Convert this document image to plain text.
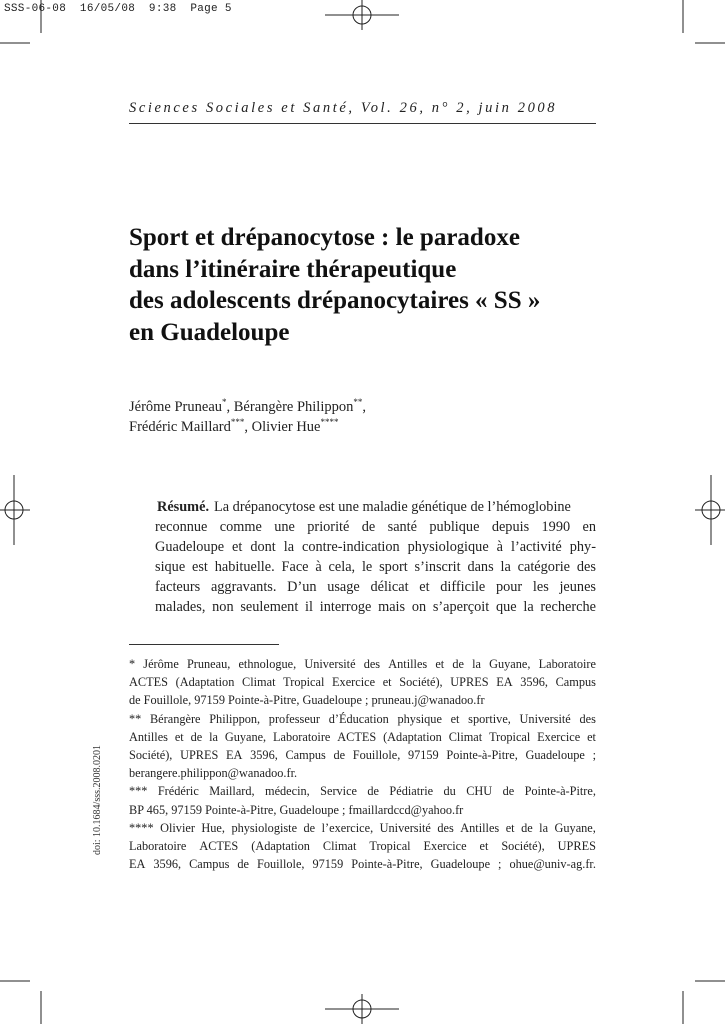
SSS-06-08  16/05/08  9:38  Page 5
Sciences Sociales et Santé, Vol. 26, n° 2, juin 2008
Sport et drépanocytose : le paradoxe
dans l’itinéraire thérapeutique
des adolescents drépanocytaires « SS »
en Guadeloupe
Jérôme Pruneau*, Bérangère Philippon**,
Frédéric Maillard***, Olivier Hue****
Résumé. La drépanocytose est une maladie génétique de l’hémoglobine
reconnue comme une priorité de santé publique depuis 1990 en
Guadeloupe et dont la contre-indication physiologique à l’activité phy-
sique est habituelle. Face à cela, le sport s’inscrit dans la catégorie des
facteurs aggravants. D’un usage délicat et difficile pour les jeunes
malades, non seulement il interroge mais on s’aperçoit que la recherche
* Jérôme Pruneau, ethnologue, Université des Antilles et de la Guyane, Laboratoire
ACTES (Adaptation Climat Tropical Exercice et Société), UPRES EA 3596, Campus
de Fouillole, 97159 Pointe-à-Pitre, Guadeloupe ; pruneau.j@wanadoo.fr
** Bérangère Philippon, professeur d’Éducation physique et sportive, Université des
Antilles et de la Guyane, Laboratoire ACTES (Adaptation Climat Tropical Exercice et
Société), UPRES EA 3596, Campus de Fouillole, 97159 Pointe-à-Pitre, Guadeloupe ;
berangere.philippon@wanadoo.fr.
*** Frédéric Maillard, médecin, Service de Pédiatrie du CHU de Pointe-à-Pitre,
BP 465, 97159 Pointe-à-Pitre, Guadeloupe ; fmaillardccd@yahoo.fr
**** Olivier Hue, physiologiste de l’exercice, Université des Antilles et de la Guyane,
Laboratoire ACTES (Adaptation Climat Tropical Exercice et Société), UPRES
EA 3596, Campus de Fouillole, 97159 Pointe-à-Pitre, Guadeloupe ; ohue@univ-ag.fr.
doi: 10.1684/sss.2008.0201
